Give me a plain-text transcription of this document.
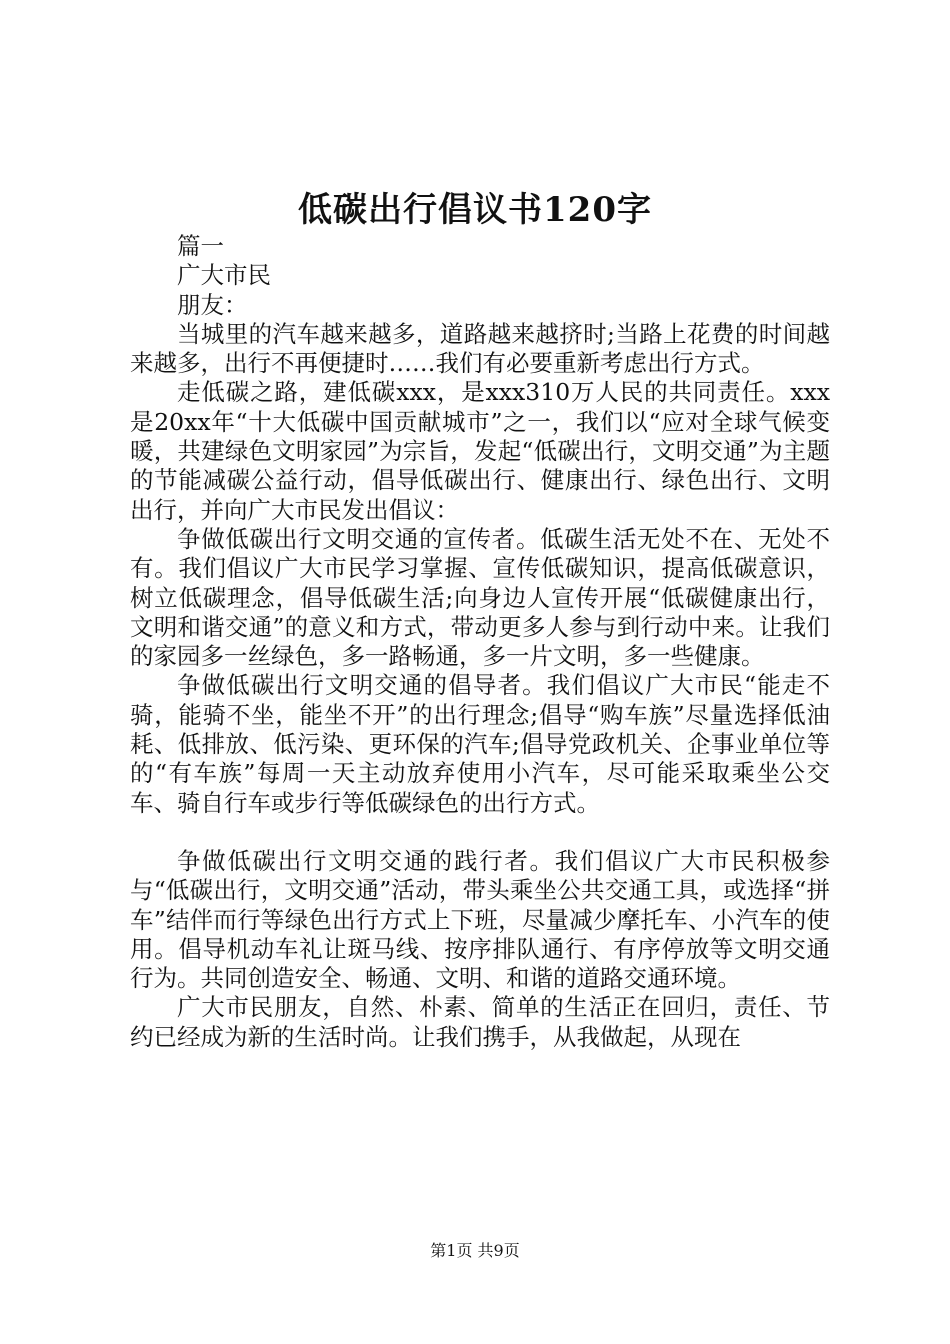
低碳出行倡议书120字

篇一

广大市民

朋友：

当城里的汽车越来越多，道路越来越挤时;当路上花费的时间越来越多，出行不再便捷时……我们有必要重新考虑出行方式。

走低碳之路，建低碳xxx，是xxx310万人民的共同责任。xxx是20xx年“十大低碳中国贡献城市”之一，我们以“应对全球气候变暖，共建绿色文明家园”为宗旨，发起“低碳出行，文明交通”为主题的节能减碳公益行动，倡导低碳出行、健康出行、绿色出行、文明出行，并向广大市民发出倡议：

争做低碳出行文明交通的宣传者。低碳生活无处不在、无处不有。我们倡议广大市民学习掌握、宣传低碳知识，提高低碳意识，树立低碳理念，倡导低碳生活;向身边人宣传开展“低碳健康出行，文明和谐交通”的意义和方式，带动更多人参与到行动中来。让我们的家园多一丝绿色，多一路畅通，多一片文明，多一些健康。

争做低碳出行文明交通的倡导者。我们倡议广大市民“能走不骑，能骑不坐，能坐不开”的出行理念;倡导“购车族”尽量选择低油耗、低排放、低污染、更环保的汽车;倡导党政机关、企事业单位等的“有车族”每周一天主动放弃使用小汽车，尽可能采取乘坐公交车、骑自行车或步行等低碳绿色的出行方式。

争做低碳出行文明交通的践行者。我们倡议广大市民积极参与“低碳出行，文明交通”活动，带头乘坐公共交通工具，或选择“拼车”结伴而行等绿色出行方式上下班，尽量减少摩托车、小汽车的使用。倡导机动车礼让斑马线、按序排队通行、有序停放等文明交通行为。共同创造安全、畅通、文明、和谐的道路交通环境。

广大市民朋友，自然、朴素、简单的生活正在回归，责任、节约已经成为新的生活时尚。让我们携手，从我做起，从现在

第1页 共9页
